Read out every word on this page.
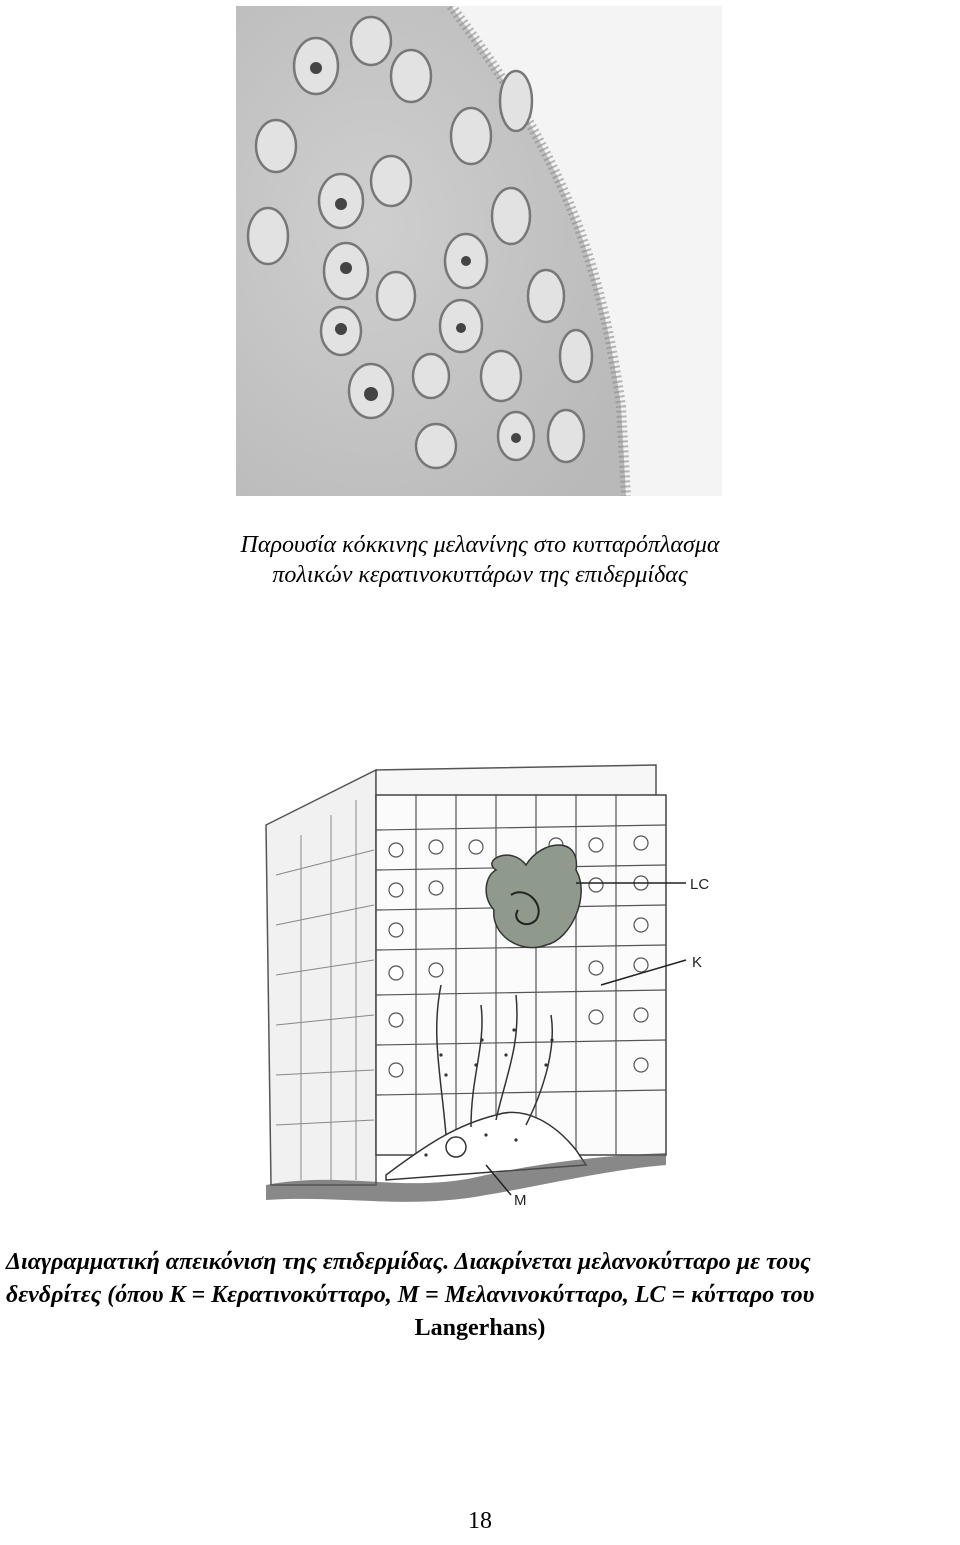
Παρουσία κόκκινης μελανίνης στο κυτταρόπλασμα
πολικών κερατινοκυττάρων της επιδερμίδας
LC
K
M
Διαγραμματική απεικόνιση της επιδερμίδας. Διακρίνεται μελανοκύτταρο με τους
δενδρίτες (όπου K = Κερατινοκύτταρο, M = Μελανινοκύτταρο, LC = κύτταρο του
Langerhans)
18
